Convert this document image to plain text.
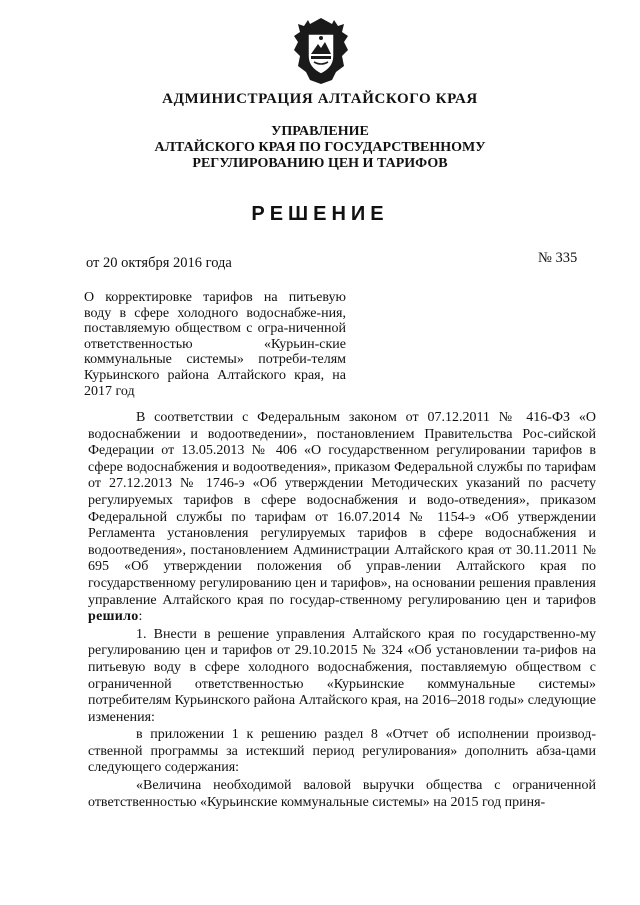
АДМИНИСТРАЦИЯ АЛТАЙСКОГО КРАЯ
УПРАВЛЕНИЕ
АЛТАЙСКОГО КРАЯ ПО ГОСУДАРСТВЕННОМУ
РЕГУЛИРОВАНИЮ ЦЕН И ТАРИФОВ
РЕШЕНИЕ
от 20 октября 2016 года	№ 335
О корректировке тарифов на питьевую воду в сфере холодного водоснабже-ния, поставляемую обществом с огра-ниченной ответственностью «Курьин-ские коммунальные системы» потреби-телям Курьинского района Алтайского края, на 2017 год

В соответствии с Федеральным законом от 07.12.2011 № 416-ФЗ «О водоснабжении и водоотведении», постановлением Правительства Рос-сийской Федерации от 13.05.2013 № 406 «О государственном регулировании тарифов в сфере водоснабжения и водоотведения», приказом Федеральной службы по тарифам от 27.12.2013 № 1746-э «Об утверждении Методических указаний по расчету регулируемых тарифов в сфере водоснабжения и водо-отведения», приказом Федеральной службы по тарифам от 16.07.2014 № 1154-э «Об утверждении Регламента установления регулируемых тарифов в сфере водоснабжения и водоотведения», постановлением Администрации Алтайского края от 30.11.2011 № 695 «Об утверждении положения об управ-лении Алтайского края по государственному регулированию цен и тарифов», на основании решения правления управление Алтайского края по государ-ственному регулированию цен и тарифов решило:

1. Внести в решение управления Алтайского края по государственно-му регулированию цен и тарифов от 29.10.2015 № 324 «Об установлении та-рифов на питьевую воду в сфере холодного водоснабжения, поставляемую обществом с ограниченной ответственностью «Курьинские коммунальные системы» потребителям Курьинского района Алтайского края, на 2016–2018 годы» следующие изменения:

в приложении 1 к решению раздел 8 «Отчет об исполнении производ-ственной программы за истекший период регулирования» дополнить абза-цами следующего содержания:

«Величина необходимой валовой выручки общества с ограниченной ответственностью «Курьинские коммунальные системы» на 2015 год приня-
